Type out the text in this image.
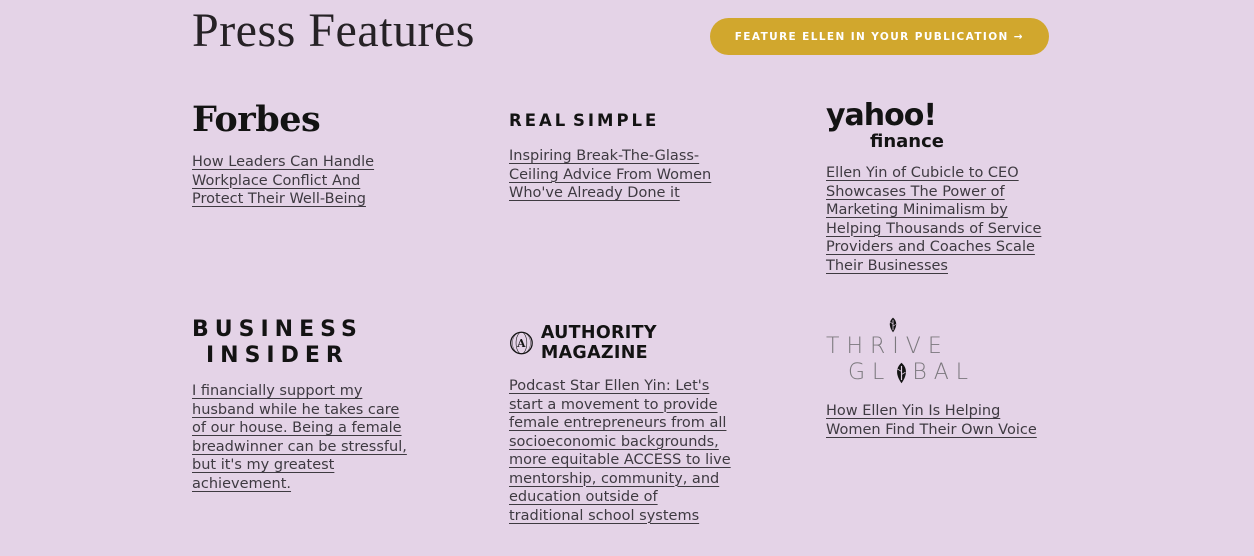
Press Features	FEATURE ELLEN IN YOUR PUBLICATION →
Forbes
How Leaders Can Handle Workplace Conflict And Protect Their Well-Being
REAL SIMPLE
Inspiring Break-The-Glass-Ceiling Advice From Women Who've Already Done it
yahoo!
finance
Ellen Yin of Cubicle to CEO Showcases The Power of Marketing Minimalism by Helping Thousands of Service Providers and Coaches Scale Their Businesses
BUSINESS
INSIDER
I financially support my husband while he takes care of our house. Being a female breadwinner can be stressful, but it's my greatest achievement.
A
AUTHORITY MAGAZINE
Podcast Star Ellen Yin: Let's start a movement to provide female entrepreneurs from all socioeconomic backgrounds, more equitable ACCESS to live mentorship, community, and education outside of traditional school systems
THRIVE
GL BAL
How Ellen Yin Is Helping Women Find Their Own Voice
